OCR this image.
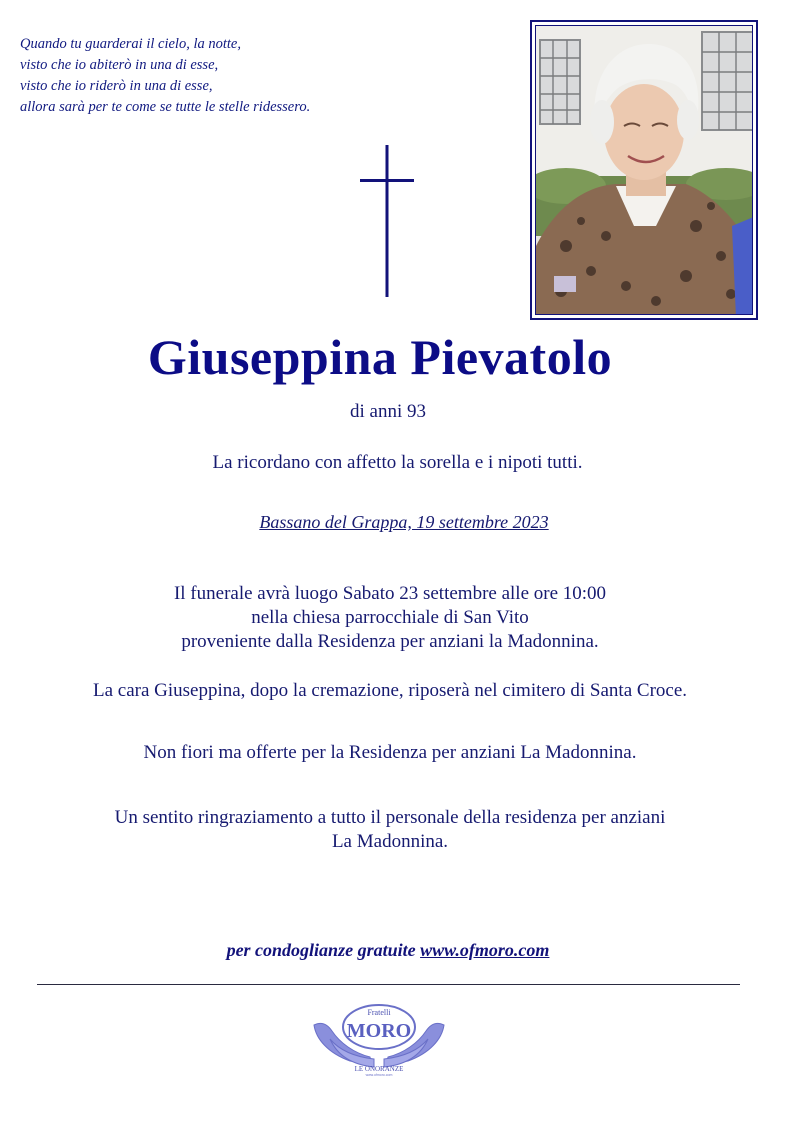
Quando tu guarderai il cielo, la notte,
visto che io abiterò in una di esse,
visto che io riderò in una di esse,
allora sarà per te come se tutte le stelle ridessero.
Giuseppina Pievatolo
di anni 93
La ricordano con affetto la sorella e i nipoti tutti.
Bassano del Grappa, 19 settembre 2023
Il funerale avrà luogo Sabato 23 settembre alle ore 10:00
nella chiesa parrocchiale di San Vito
proveniente dalla Residenza per anziani la Madonnina.
La cara Giuseppina, dopo la cremazione, riposerà nel cimitero di Santa Croce.
Non fiori ma offerte per la Residenza per anziani La Madonnina.
Un sentito ringraziamento a tutto il personale della residenza per anziani
La Madonnina.
per condoglianze gratuite www.ofmoro.com
Fratelli
MORO
LE ONORANZE
www.ofmoro.com
